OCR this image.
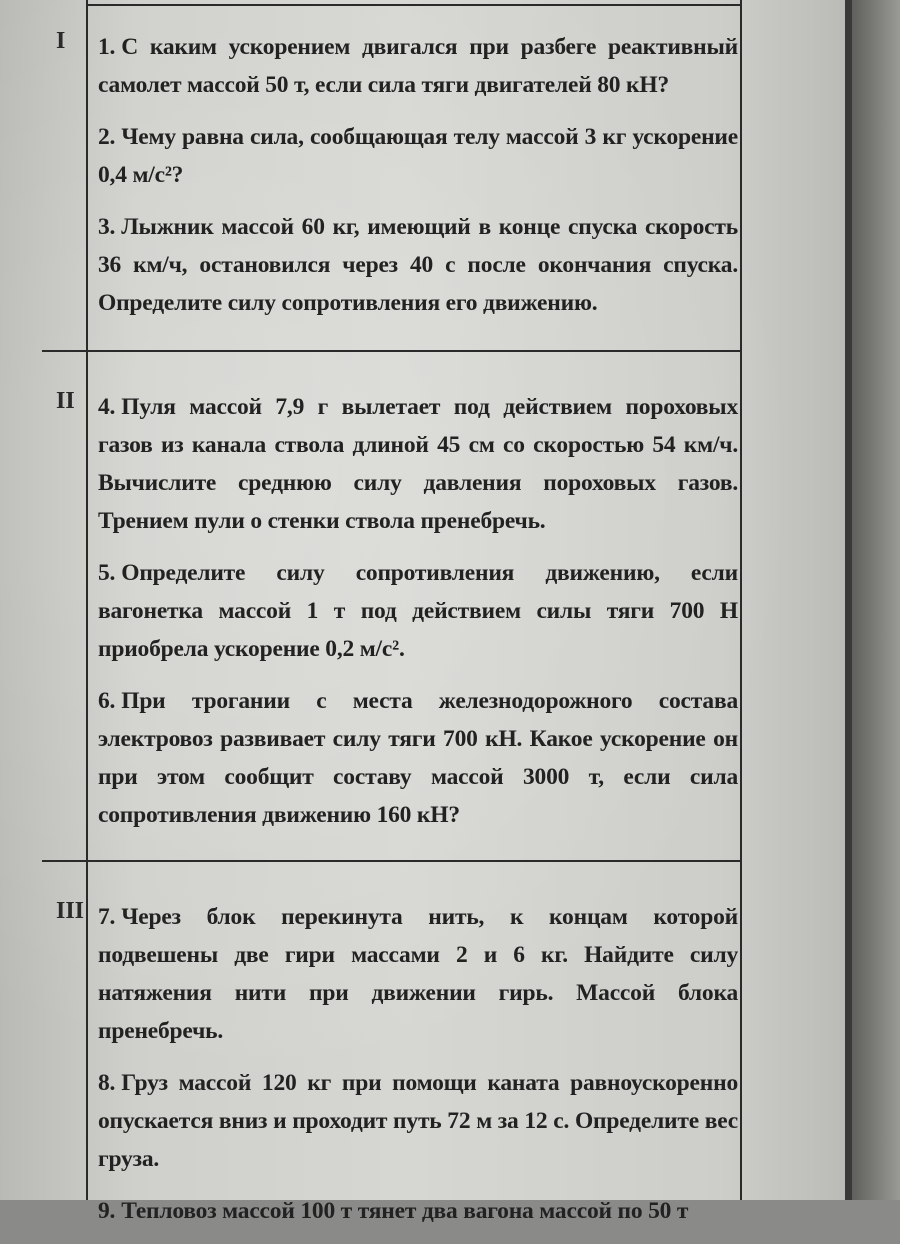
I 1. С каким ускорением двигался при разбеге реактивный самолет массой 50 т, если сила тяги двигателей 80 кН?
2. Чему равна сила, сообщающая телу массой 3 кг ускорение 0,4 м/с²?
3. Лыжник массой 60 кг, имеющий в конце спуска скорость 36 км/ч, остановился через 40 с после окончания спуска. Определите силу сопротивления его движению.
II 4. Пуля массой 7,9 г вылетает под действием пороховых газов из канала ствола длиной 45 см со скоростью 54 км/ч. Вычислите среднюю силу давления пороховых газов. Трением пули о стенки ствола пренебречь.
5. Определите силу сопротивления движению, если вагонетка массой 1 т под действием силы тяги 700 Н приобрела ускорение 0,2 м/с².
6. При трогании с места железнодорожного состава электровоз развивает силу тяги 700 кН. Какое ускорение он при этом сообщит составу массой 3000 т, если сила сопротивления движению 160 кН?
III 7. Через блок перекинута нить, к концам которой подвешены две гири массами 2 и 6 кг. Найдите силу натяжения нити при движении гирь. Массой блока пренебречь.
8. Груз массой 120 кг при помощи каната равноускоренно опускается вниз и проходит путь 72 м за 12 с. Определите вес груза.
9. Тепловоз массой 100 т тянет два вагона массой по 50 т
